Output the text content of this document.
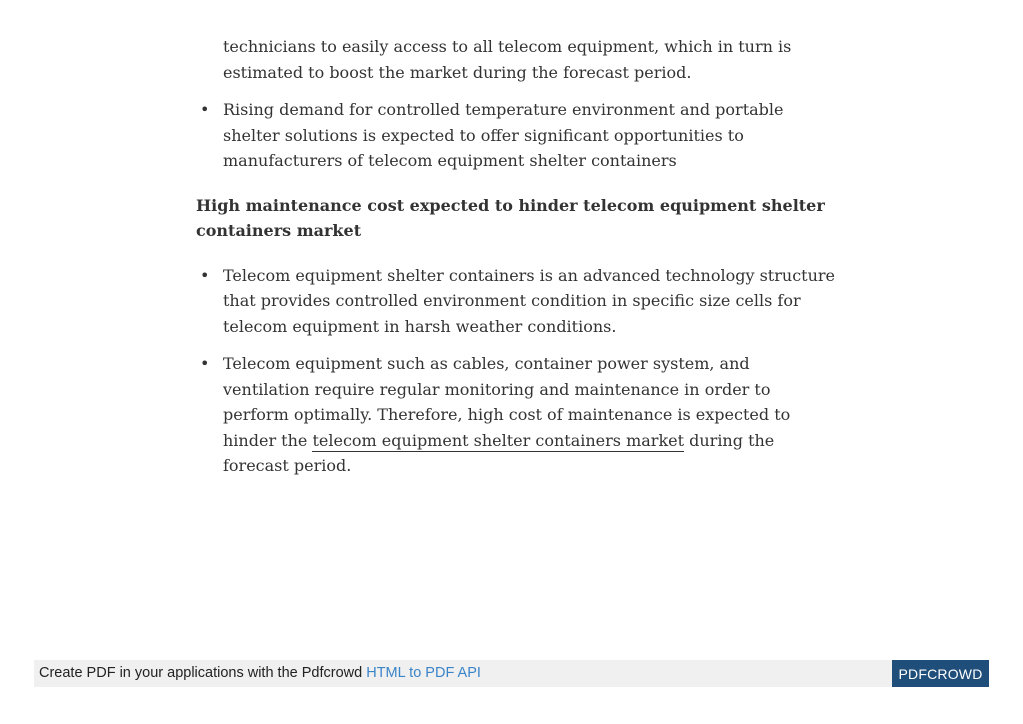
technicians to easily access to all telecom equipment, which in turn is estimated to boost the market during the forecast period.

• Rising demand for controlled temperature environment and portable shelter solutions is expected to offer significant opportunities to manufacturers of telecom equipment shelter containers

High maintenance cost expected to hinder telecom equipment shelter containers market

• Telecom equipment shelter containers is an advanced technology structure that provides controlled environment condition in specific size cells for telecom equipment in harsh weather conditions.
• Telecom equipment such as cables, container power system, and ventilation require regular monitoring and maintenance in order to perform optimally. Therefore, high cost of maintenance is expected to hinder the telecom equipment shelter containers market during the forecast period.
Create PDF in your applications with the Pdfcrowd HTML to PDF API	PDFCROWD
